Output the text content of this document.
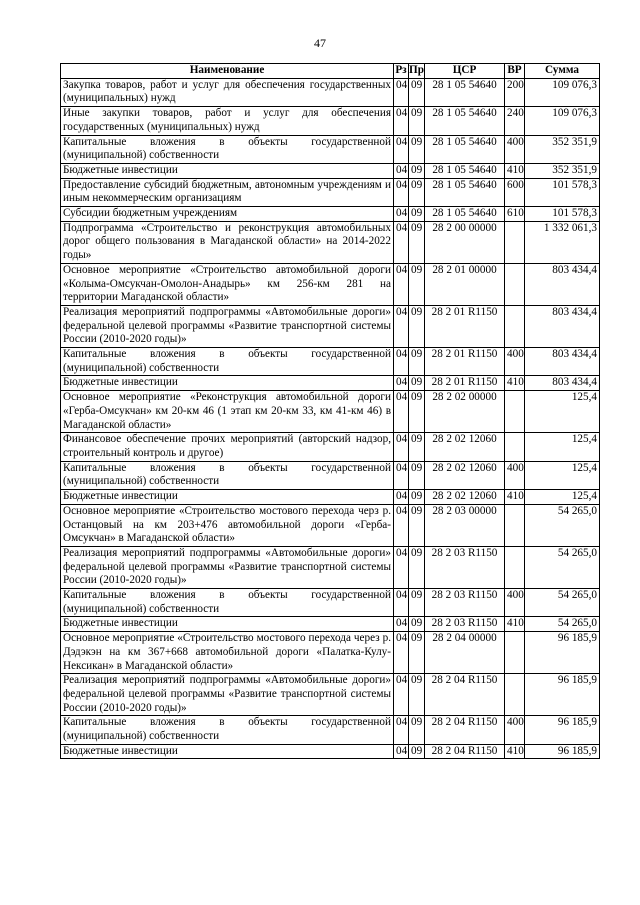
47
Наименование	Рз	Пр	ЦСР	ВР	Сумма
Закупка товаров, работ и услуг для обеспечения государственных (муниципальных) нужд	04	09	28 1 05 54640	200	109 076,3
Иные закупки товаров, работ и услуг для обеспечения государственных (муниципальных) нужд	04	09	28 1 05 54640	240	109 076,3
Капитальные вложения в объекты государственной (муниципальной) собственности	04	09	28 1 05 54640	400	352 351,9
Бюджетные инвестиции	04	09	28 1 05 54640	410	352 351,9
Предоставление субсидий бюджетным, автономным учреждениям и иным некоммерческим организациям	04	09	28 1 05 54640	600	101 578,3
Субсидии бюджетным учреждениям	04	09	28 1 05 54640	610	101 578,3
Подпрограмма «Строительство и реконструкция автомобильных дорог общего пользования в Магаданской области» на 2014-2022 годы»	04	09	28 2 00 00000		1 332 061,3
Основное мероприятие «Строительство автомобильной дороги «Колыма-Омсукчан-Омолон-Анадырь» км 256-км 281 на территории Магаданской области»	04	09	28 2 01 00000		803 434,4
Реализация мероприятий подпрограммы «Автомобильные дороги» федеральной целевой программы «Развитие транспортной системы России (2010-2020 годы)»	04	09	28 2 01 R1150		803 434,4
Капитальные вложения в объекты государственной (муниципальной) собственности	04	09	28 2 01 R1150	400	803 434,4
Бюджетные инвестиции	04	09	28 2 01 R1150	410	803 434,4
Основное мероприятие «Реконструкция автомобильной дороги «Герба-Омсукчан» км 20-км 46 (1 этап км 20-км 33, км 41-км 46) в Магаданской области»	04	09	28 2 02 00000		125,4
Финансовое обеспечение прочих мероприятий (авторский надзор, строительный контроль и другое)	04	09	28 2 02 12060		125,4
Капитальные вложения в объекты государственной (муниципальной) собственности	04	09	28 2 02 12060	400	125,4
Бюджетные инвестиции	04	09	28 2 02 12060	410	125,4
Основное мероприятие «Строительство мостового перехода черз р. Останцовый на км 203+476 автомобильной дороги «Герба-Омсукчан» в Магаданской области»	04	09	28 2 03 00000		54 265,0
Реализация мероприятий подпрограммы «Автомобильные дороги» федеральной целевой программы «Развитие транспортной системы России (2010-2020 годы)»	04	09	28 2 03 R1150		54 265,0
Капитальные вложения в объекты государственной (муниципальной) собственности	04	09	28 2 03 R1150	400	54 265,0
Бюджетные инвестиции	04	09	28 2 03 R1150	410	54 265,0
Основное мероприятие «Строительство мостового перехода через р. Дэдэкэн на км 367+668 автомобильной дороги «Палатка-Кулу-Нексикан» в Магаданской области»	04	09	28 2 04 00000		96 185,9
Реализация мероприятий подпрограммы «Автомобильные дороги» федеральной целевой программы «Развитие транспортной системы России (2010-2020 годы)»	04	09	28 2 04 R1150		96 185,9
Капитальные вложения в объекты государственной (муниципальной) собственности	04	09	28 2 04 R1150	400	96 185,9
Бюджетные инвестиции	04	09	28 2 04 R1150	410	96 185,9
